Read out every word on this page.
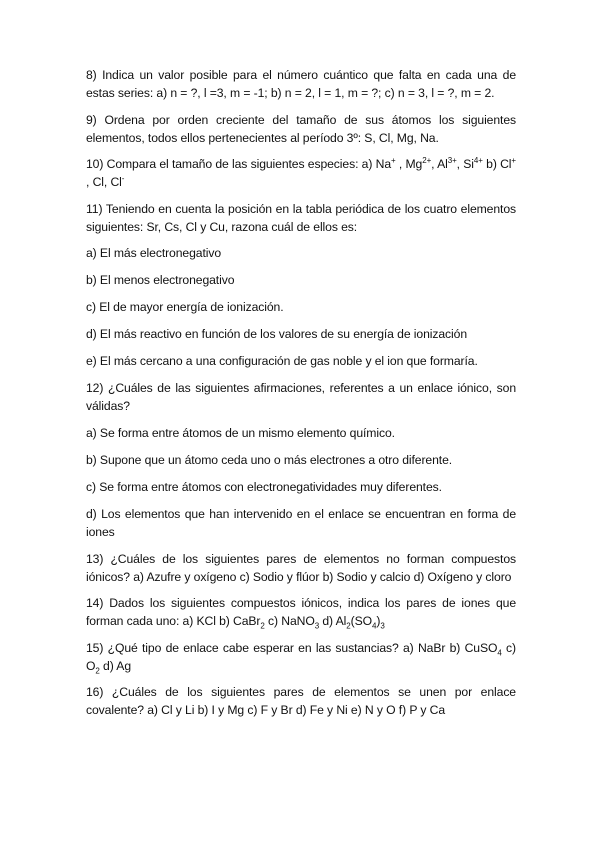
8) Indica un valor posible para el número cuántico que falta en cada una de estas series: a) n = ?, l =3, m = -1; b) n = 2, l = 1, m = ?; c) n = 3, l = ?, m = 2.

9) Ordena por orden creciente del tamaño de sus átomos los siguientes elementos, todos ellos pertenecientes al período 3º: S, Cl, Mg, Na.

10) Compara el tamaño de las siguientes especies: a) Na+ , $Mg^{2+}$, $Al^{3+}$, $Si^{4+}$ b) Cl+ , Cl, Cl-

11) Teniendo en cuenta la posición en la tabla periódica de los cuatro elementos siguientes: Sr, Cs, Cl y Cu, razona cuál de ellos es:

a) El más electronegativo

b) El menos electronegativo

c) El de mayor energía de ionización.

d) El más reactivo en función de los valores de su energía de ionización

e) El más cercano a una configuración de gas noble y el ion que formaría.

12) ¿Cuáles de las siguientes afirmaciones, referentes a un enlace iónico, son válidas?

a) Se forma entre átomos de un mismo elemento químico.

b) Supone que un átomo ceda uno o más electrones a otro diferente.

c) Se forma entre átomos con electronegatividades muy diferentes.

d) Los elementos que han intervenido en el enlace se encuentran en forma de iones

13) ¿Cuáles de los siguientes pares de elementos no forman compuestos iónicos? a) Azufre y oxígeno c) Sodio y flúor b) Sodio y calcio d) Oxígeno y cloro

14) Dados los siguientes compuestos iónicos, indica los pares de iones que forman cada uno: a) KCl b) CaBr$_2$ c) NaNO$_3$ d) $Al_2(SO_4)_3$

15) ¿Qué tipo de enlace cabe esperar en las sustancias? a) NaBr b) CuSO$_4$ c) $O_2$ d) Ag

16) ¿Cuáles de los siguientes pares de elementos se unen por enlace covalente? a) Cl y Li b) I y Mg c) F y Br d) Fe y Ni e) N y O f) P y Ca
